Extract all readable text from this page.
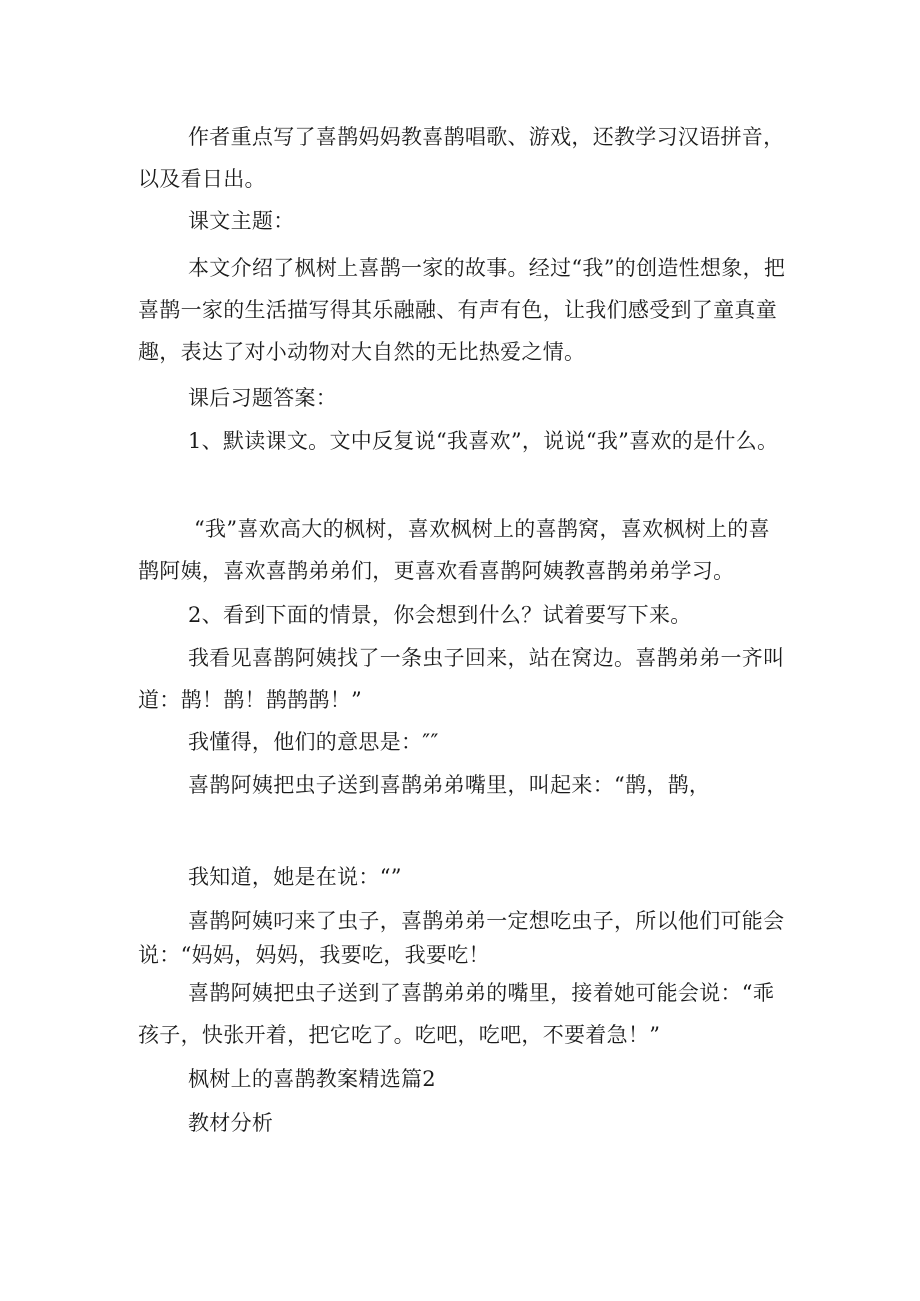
作者重点写了喜鹊妈妈教喜鹊唱歌、游戏，还教学习汉语拼音，以及看日出。

课文主题：

本文介绍了枫树上喜鹊一家的故事。经过“我”的创造性想象，把喜鹊一家的生活描写得其乐融融、有声有色，让我们感受到了童真童趣，表达了对小动物对大自然的无比热爱之情。

课后习题答案：

1、默读课文。文中反复说“我喜欢”，说说“我”喜欢的是什么。

“我”喜欢高大的枫树，喜欢枫树上的喜鹊窝，喜欢枫树上的喜鹊阿姨，喜欢喜鹊弟弟们，更喜欢看喜鹊阿姨教喜鹊弟弟学习。

2、看到下面的情景，你会想到什么？试着要写下来。

我看见喜鹊阿姨找了一条虫子回来，站在窝边。喜鹊弟弟一齐叫道：鹊！鹊！鹊鹊鹊！”

我懂得，他们的意思是：″″

喜鹊阿姨把虫子送到喜鹊弟弟嘴里，叫起来：“鹊，鹊，

我知道，她是在说：“”

喜鹊阿姨叼来了虫子，喜鹊弟弟一定想吃虫子，所以他们可能会说：“妈妈，妈妈，我要吃，我要吃！

喜鹊阿姨把虫子送到了喜鹊弟弟的嘴里，接着她可能会说：“乖孩子，快张开着，把它吃了。吃吧，吃吧，不要着急！”

枫树上的喜鹊教案精选篇2

教材分析
